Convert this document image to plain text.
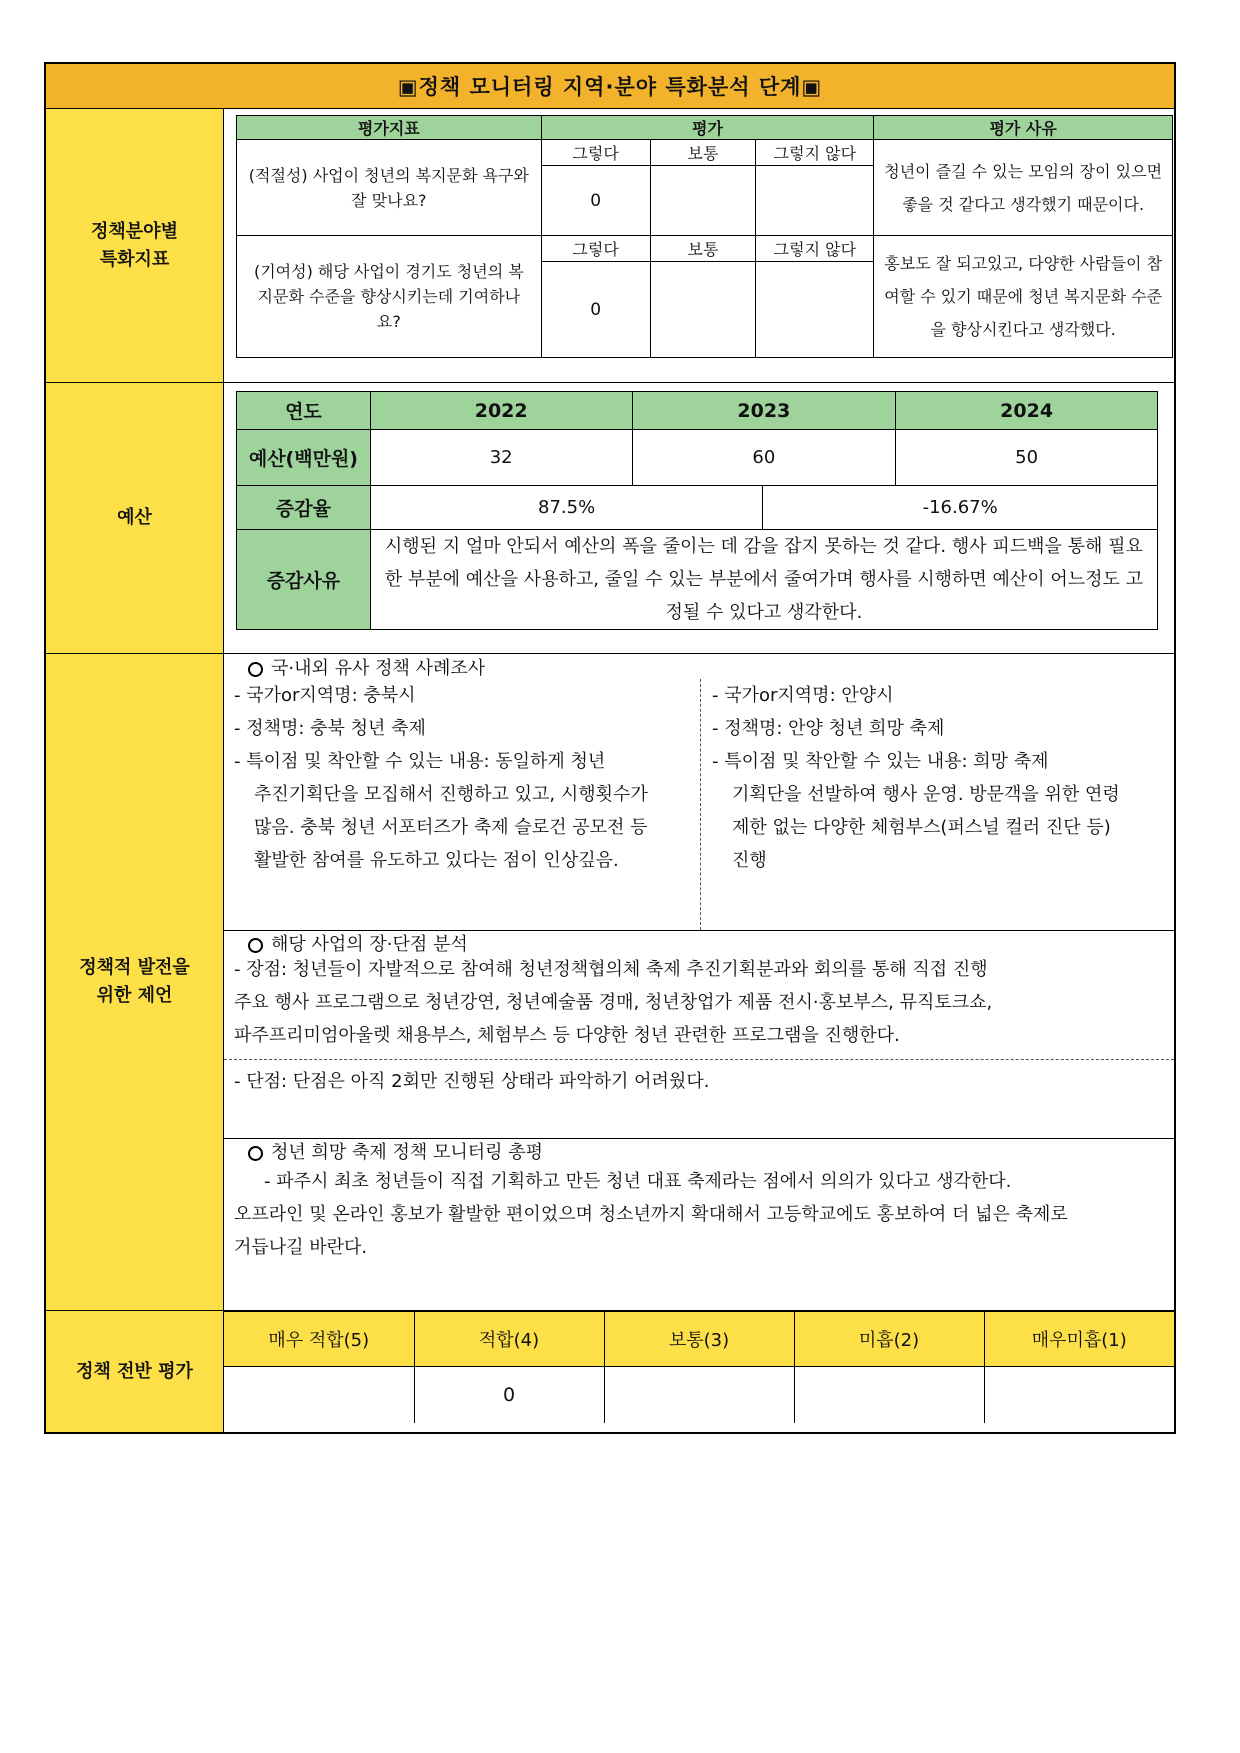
▣정책 모니터링 지역·분야 특화분석 단계▣
정책분야별
특화지표
평가지표	평가			평가 사유
(적절성) 사업이 청년의 복지문화 욕구와 잘 맞나요?	그렇다	보통	그렇지 않다	청년이 즐길 수 있는 모임의 장이 있으면 좋을 것 같다고 생각했기 때문이다.
	0			
(기여성) 해당 사업이 경기도 청년의 복지문화 수준을 향상시키는데 기여하나요?	그렇다	보통	그렇지 않다	홍보도 잘 되고있고, 다양한 사람들이 참여할 수 있기 때문에 청년 복지문화 수준을 향상시킨다고 생각했다.
	0			
예산
연도	2022	2023		2024
예산(백만원)	32	60		50
증감율	87.5%		-16.67%	
증감사유	시행된 지 얼마 안되서 예산의 폭을 줄이는 데 감을 잡지 못하는 것 같다. 행사 피드백을 통해 필요한 부분에 예산을 사용하고, 줄일 수 있는 부분에서 줄여가며 행사를 시행하면 예산이 어느정도 고정될 수 있다고 생각한다.			
정책적 발전을
위한 제언
국·내외 유사 정책 사례조사
- 국가or지역명: 충북시
- 정책명: 충북 청년 축제
- 특이점 및 착안할 수 있는 내용: 동일하게 청년
추진기획단을 모집해서 진행하고 있고, 시행횟수가
많음. 충북 청년 서포터즈가 축제 슬로건 공모전 등
활발한 참여를 유도하고 있다는 점이 인상깊음.
- 국가or지역명: 안양시
- 정책명: 안양 청년 희망 축제
- 특이점 및 착안할 수 있는 내용: 희망 축제
기획단을 선발하여 행사 운영. 방문객을 위한 연령
제한 없는 다양한 체험부스(퍼스널 컬러 진단 등)
진행
해당 사업의 장·단점 분석
- 장점: 청년들이 자발적으로 참여해 청년정책협의체 축제 추진기획분과와 회의를 통해 직접 진행
주요 행사 프로그램으로 청년강연, 청년예술품 경매, 청년창업가 제품 전시·홍보부스, 뮤직토크쇼,
파주프리미엄아울렛 채용부스, 체험부스 등 다양한 청년 관련한 프로그램을 진행한다.
- 단점: 단점은 아직 2회만 진행된 상태라 파악하기 어려웠다.
청년 희망 축제 정책 모니터링 총평
- 파주시 최초 청년들이 직접 기획하고 만든 청년 대표 축제라는 점에서 의의가 있다고 생각한다.
오프라인 및 온라인 홍보가 활발한 편이었으며 청소년까지 확대해서 고등학교에도 홍보하여 더 넓은 축제로
거듭나길 바란다.
정책 전반 평가
매우 적합(5)	적합(4)	보통(3)	미흡(2)	매우미흡(1)
	0			
